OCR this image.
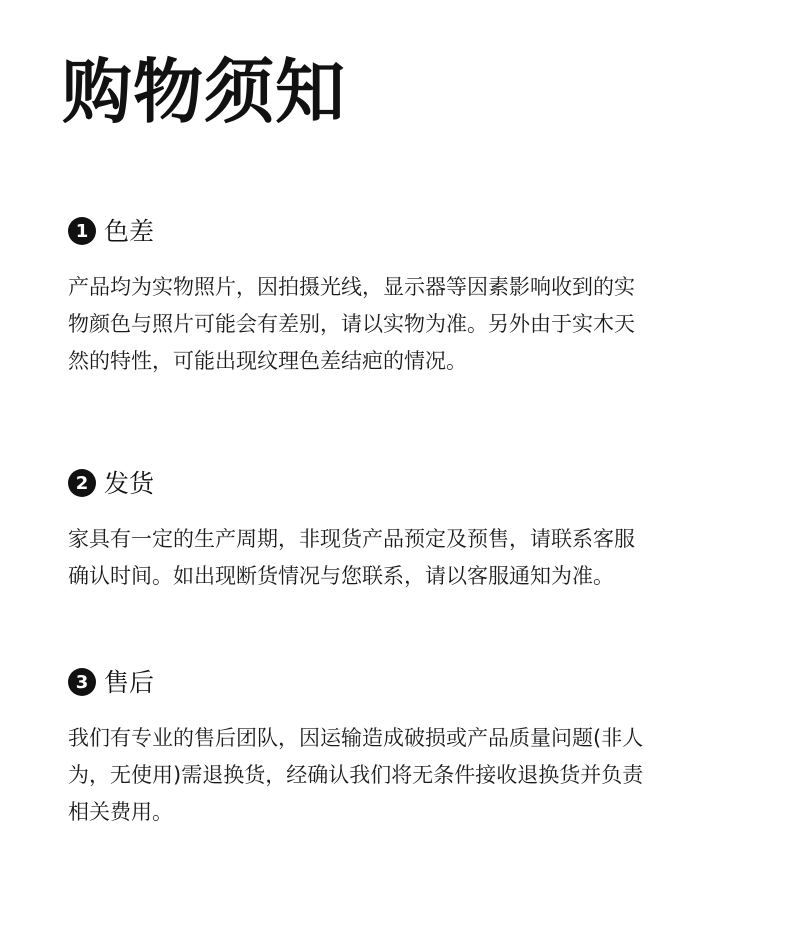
购物须知
1 色差
产品均为实物照片，因拍摄光线，显示器等因素影响收到的实
物颜色与照片可能会有差别，请以实物为准。另外由于实木天
然的特性，可能出现纹理色差结疤的情况。
2 发货
家具有一定的生产周期，非现货产品预定及预售，请联系客服
确认时间。如出现断货情况与您联系，请以客服通知为准。
3 售后
我们有专业的售后团队，因运输造成破损或产品质量问题(非人
为，无使用)需退换货，经确认我们将无条件接收退换货并负责
相关费用。
